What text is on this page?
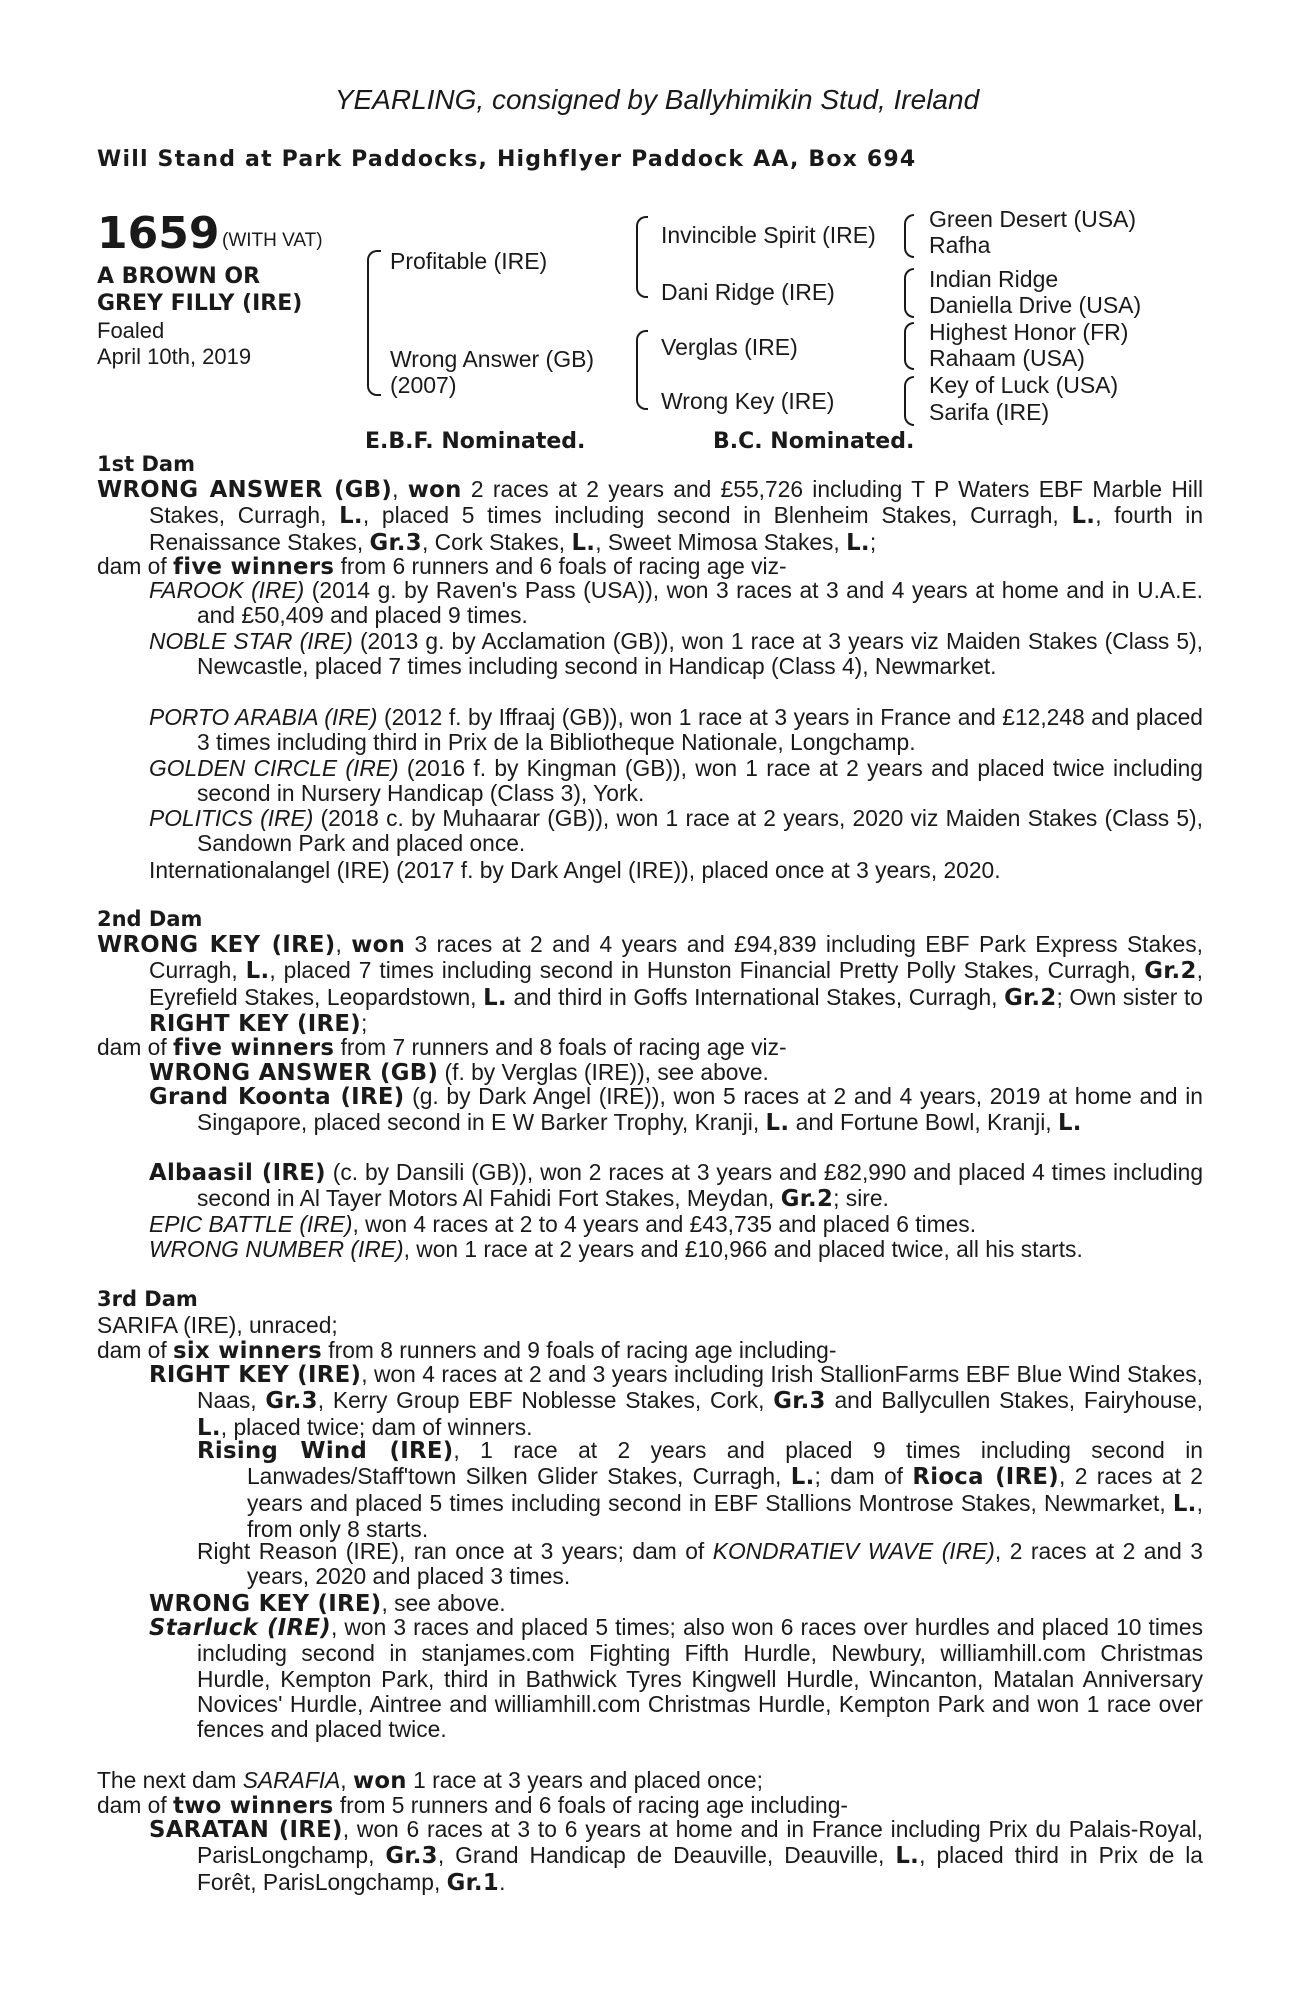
YEARLING, consigned by Ballyhimikin Stud, Ireland
Will Stand at Park Paddocks, Highflyer Paddock AA, Box 694
1659 (WITH VAT)
A BROWN OR
GREY FILLY (IRE)
Foaled
April 10th, 2019
Profitable (IRE)
Wrong Answer (GB)
(2007)
Invincible Spirit (IRE)
Dani Ridge (IRE)
Verglas (IRE)
Wrong Key (IRE)
Green Desert (USA)
Rafha
Indian Ridge
Daniella Drive (USA)
Highest Honor (FR)
Rahaam (USA)
Key of Luck (USA)
Sarifa (IRE)
E.B.F. Nominated.	B.C. Nominated.
1st Dam
WRONG ANSWER (GB), won 2 races at 2 years and £55,726 including T P Waters EBF Marble Hill Stakes, Curragh, L., placed 5 times including second in Blenheim Stakes, Curragh, L., fourth in Renaissance Stakes, Gr.3, Cork Stakes, L., Sweet Mimosa Stakes, L.;
dam of five winners from 6 runners and 6 foals of racing age viz-
FAROOK (IRE) (2014 g. by Raven's Pass (USA)), won 3 races at 3 and 4 years at home and in U.A.E. and £50,409 and placed 9 times.
NOBLE STAR (IRE) (2013 g. by Acclamation (GB)), won 1 race at 3 years viz Maiden Stakes (Class 5), Newcastle, placed 7 times including second in Handicap (Class 4), Newmarket.
PORTO ARABIA (IRE) (2012 f. by Iffraaj (GB)), won 1 race at 3 years in France and £12,248 and placed 3 times including third in Prix de la Bibliotheque Nationale, Longchamp.
GOLDEN CIRCLE (IRE) (2016 f. by Kingman (GB)), won 1 race at 2 years and placed twice including second in Nursery Handicap (Class 3), York.
POLITICS (IRE) (2018 c. by Muhaarar (GB)), won 1 race at 2 years, 2020 viz Maiden Stakes (Class 5), Sandown Park and placed once.
Internationalangel (IRE) (2017 f. by Dark Angel (IRE)), placed once at 3 years, 2020.
2nd Dam
WRONG KEY (IRE), won 3 races at 2 and 4 years and £94,839 including EBF Park Express Stakes, Curragh, L., placed 7 times including second in Hunston Financial Pretty Polly Stakes, Curragh, Gr.2, Eyrefield Stakes, Leopardstown, L. and third in Goffs International Stakes, Curragh, Gr.2; Own sister to RIGHT KEY (IRE);
dam of five winners from 7 runners and 8 foals of racing age viz-
WRONG ANSWER (GB) (f. by Verglas (IRE)), see above.
Grand Koonta (IRE) (g. by Dark Angel (IRE)), won 5 races at 2 and 4 years, 2019 at home and in Singapore, placed second in E W Barker Trophy, Kranji, L. and Fortune Bowl, Kranji, L.
Albaasil (IRE) (c. by Dansili (GB)), won 2 races at 3 years and £82,990 and placed 4 times including second in Al Tayer Motors Al Fahidi Fort Stakes, Meydan, Gr.2; sire.
EPIC BATTLE (IRE), won 4 races at 2 to 4 years and £43,735 and placed 6 times.
WRONG NUMBER (IRE), won 1 race at 2 years and £10,966 and placed twice, all his starts.
3rd Dam
SARIFA (IRE), unraced;
dam of six winners from 8 runners and 9 foals of racing age including-
RIGHT KEY (IRE), won 4 races at 2 and 3 years including Irish StallionFarms EBF Blue Wind Stakes, Naas, Gr.3, Kerry Group EBF Noblesse Stakes, Cork, Gr.3 and Ballycullen Stakes, Fairyhouse, L., placed twice; dam of winners.
Rising Wind (IRE), 1 race at 2 years and placed 9 times including second in Lanwades/Staff'town Silken Glider Stakes, Curragh, L.; dam of Rioca (IRE), 2 races at 2 years and placed 5 times including second in EBF Stallions Montrose Stakes, Newmarket, L., from only 8 starts.
Right Reason (IRE), ran once at 3 years; dam of KONDRATIEV WAVE (IRE), 2 races at 2 and 3 years, 2020 and placed 3 times.
WRONG KEY (IRE), see above.
Starluck (IRE), won 3 races and placed 5 times; also won 6 races over hurdles and placed 10 times including second in stanjames.com Fighting Fifth Hurdle, Newbury, williamhill.com Christmas Hurdle, Kempton Park, third in Bathwick Tyres Kingwell Hurdle, Wincanton, Matalan Anniversary Novices' Hurdle, Aintree and williamhill.com Christmas Hurdle, Kempton Park and won 1 race over fences and placed twice.
The next dam SARAFIA, won 1 race at 3 years and placed once;
dam of two winners from 5 runners and 6 foals of racing age including-
SARATAN (IRE), won 6 races at 3 to 6 years at home and in France including Prix du Palais-Royal, ParisLongchamp, Gr.3, Grand Handicap de Deauville, Deauville, L., placed third in Prix de la Forêt, ParisLongchamp, Gr.1.
